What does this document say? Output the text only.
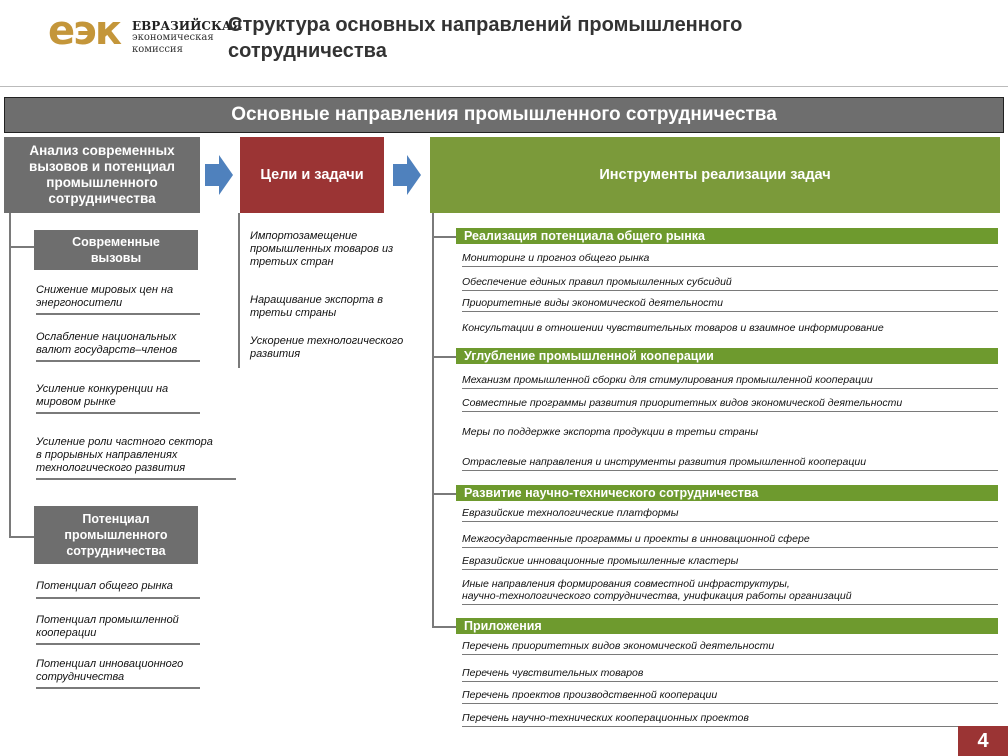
еэк ЕВРАЗИЙСКАЯ
экономическая
комиссия
Структура основных направлений промышленного
сотрудничества
Основные направления промышленного сотрудничества
Анализ современных
вызовов и потенциал
промышленного
сотрудничества
Цели и задачи	Инструменты реализации задач
Современные
вызовы
Снижение мировых цен на
энергоносители
Ослабление национальных
валют государств–членов
Усиление конкуренции на
мировом рынке
Усиление роли частного сектора
в прорывных направлениях
технологического развития
Потенциал
промышленного
сотрудничества
Потенциал общего рынка
Потенциал промышленной
кооперации
Потенциал инновационного
сотрудничества
Импортозамещение
промышленных товаров из
третьих стран
Наращивание экспорта в
третьи страны
Ускорение технологического
развития
Реализация потенциала общего рынка
Мониторинг и прогноз общего рынка
Обеспечение единых правил промышленных субсидий
Приоритетные виды экономической деятельности
Консультации в отношении чувствительных товаров и взаимное информирование
Углубление промышленной кооперации
Механизм промышленной сборки для стимулирования промышленной кооперации
Совместные программы развития приоритетных видов экономической деятельности
Меры по поддержке экспорта продукции в третьи страны
Отраслевые направления и инструменты развития промышленной кооперации
Развитие научно-технического сотрудничества
Евразийские технологические платформы
Межгосударственные программы и проекты в инновационной сфере
Евразийские инновационные промышленные кластеры
Иные направления формирования совместной инфраструктуры,
научно-технологического сотрудничества, унификация работы организаций
Приложения
Перечень приоритетных видов экономической деятельности
Перечень чувствительных товаров
Перечень проектов производственной кооперации
Перечень научно-технических кооперационных проектов
4
